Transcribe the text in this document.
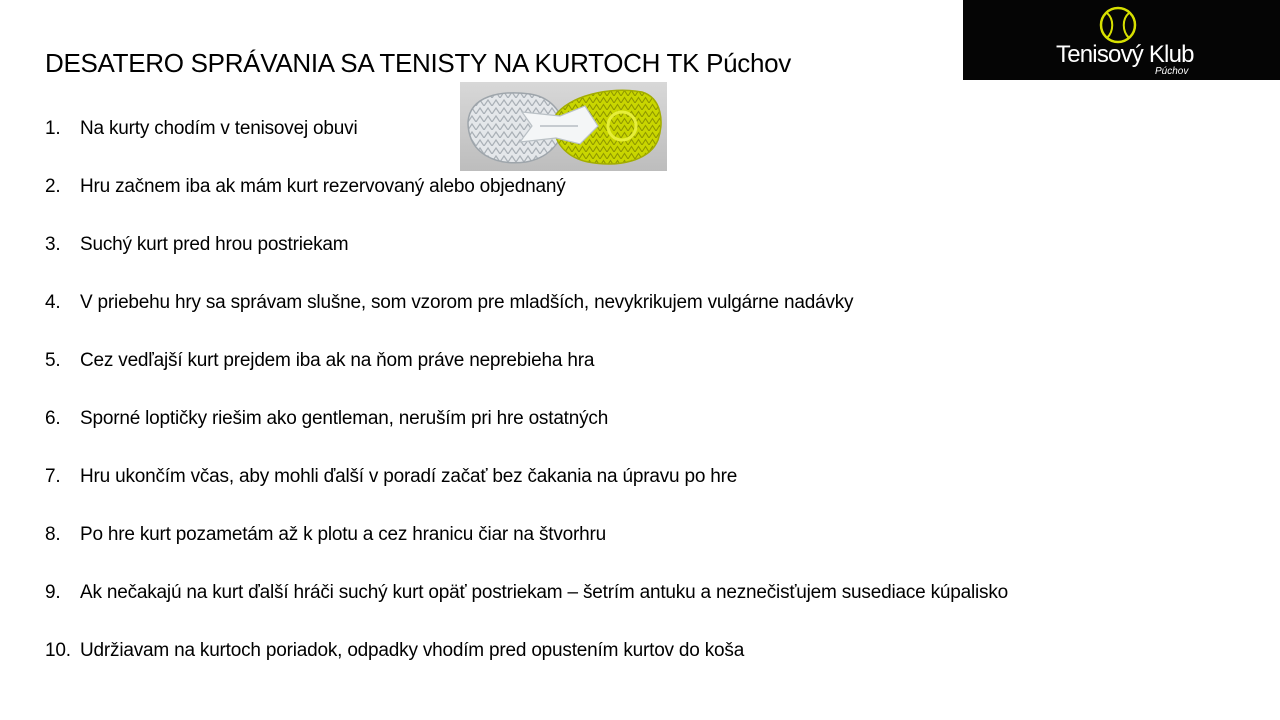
DESATERO SPRÁVANIA SA TENISTY NA KURTOCH TK Púchov
1.	Na kurty chodím v tenisovej obuvi
2.	Hru začnem iba ak mám kurt rezervovaný alebo objednaný
3.	Suchý kurt pred hrou postriekam
4.	V priebehu hry sa správam slušne, som vzorom pre mladších, nevykrikujem vulgárne nadávky
5.	Cez vedľajší kurt prejdem iba ak na ňom práve neprebieha hra
6.	Sporné loptičky riešim ako gentleman, neruším pri hre ostatných
7.	Hru ukončím včas, aby mohli ďalší v poradí začať bez čakania na úpravu po hre
8.	Po hre kurt pozametám až k plotu a cez hranicu čiar na štvorhru
9.	Ak nečakajú na kurt ďalší hráči suchý kurt opäť postriekam – šetrím antuku a neznečisťujem susediace kúpalisko
10. Udržiavam na kurtoch poriadok, odpadky vhodím pred opustením kurtov do koša
Tenisový Klub
Púchov
